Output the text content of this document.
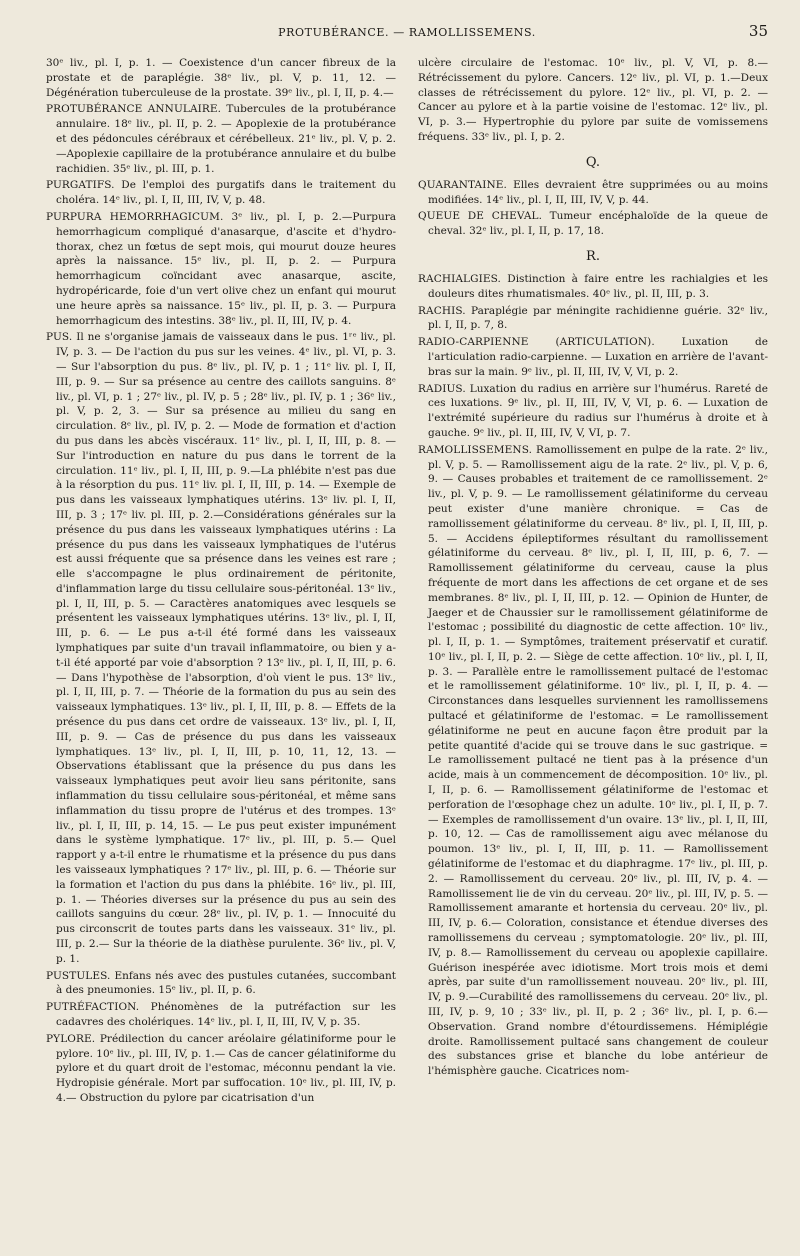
PROTUBÉRANCE. — RAMOLLISSEMENS.	35

30ᵉ liv., pl. I, p. 1. — Coexistence d'un cancer fibreux de la prostate et de paraplégie. 38ᵉ liv., pl. V, p. 11, 12. — Dégénération tuberculeuse de la prostate. 39ᵉ liv., pl. I, II, p. 4.—

PROTUBÉRANCE ANNULAIRE. Tubercules de la protubérance annulaire. 18ᵉ liv., pl. II, p. 2. — Apoplexie de la protubérance et des pédoncules cérébraux et cérébelleux. 21ᵉ liv., pl. V, p. 2.—Apoplexie capillaire de la protubérance annulaire et du bulbe rachidien. 35ᵉ liv., pl. III, p. 1.

PURGATIFS. De l'emploi des purgatifs dans le traitement du choléra. 14ᵉ liv., pl. I, II, III, IV, V, p. 48.

PURPURA HEMORRHAGICUM. 3ᵉ liv., pl. I, p. 2.—Purpura hemorrhagicum compliqué d'anasarque, d'ascite et d'hydro-thorax, chez un fœtus de sept mois, qui mourut douze heures après la naissance. 15ᵉ liv., pl. II, p. 2. — Purpura hemorrhagicum coïncidant avec anasarque, ascite, hydropéricarde, foie d'un vert olive chez un enfant qui mourut une heure après sa naissance. 15ᵉ liv., pl. II, p. 3. — Purpura hemorrhagicum des intestins. 38ᵉ liv., pl. II, III, IV, p. 4.

PUS. Il ne s'organise jamais de vaisseaux dans le pus. 1ʳᵉ liv., pl. IV, p. 3. — De l'action du pus sur les veines. 4ᵉ liv., pl. VI, p. 3. — Sur l'absorption du pus. 8ᵉ liv., pl. IV, p. 1 ; 11ᵉ liv. pl. I, II, III, p. 9. — Sur sa présence au centre des caillots sanguins. 8ᵉ liv., pl. VI, p. 1 ; 27ᵉ liv., pl. IV, p. 5 ; 28ᵉ liv., pl. IV, p. 1 ; 36ᵉ liv., pl. V, p. 2, 3. — Sur sa présence au milieu du sang en circulation. 8ᵉ liv., pl. IV, p. 2. — Mode de formation et d'action du pus dans les abcès viscéraux. 11ᵉ liv., pl. I, II, III, p. 8. — Sur l'introduction en nature du pus dans le torrent de la circulation. 11ᵉ liv., pl. I, II, III, p. 9.—La phlébite n'est pas due à la résorption du pus. 11ᵉ liv. pl. I, II, III, p. 14. — Exemple de pus dans les vaisseaux lymphatiques utérins. 13ᵉ liv. pl. I, II, III, p. 3 ; 17ᵉ liv. pl. III, p. 2.—Considérations générales sur la présence du pus dans les vaisseaux lymphatiques utérins : La présence du pus dans les vaisseaux lymphatiques de l'utérus est aussi fréquente que sa présence dans les veines est rare ; elle s'accompagne le plus ordinairement de péritonite, d'inflammation large du tissu cellulaire sous-péritonéal. 13ᵉ liv., pl. I, II, III, p. 5. — Caractères anatomiques avec lesquels se présentent les vaisseaux lymphatiques utérins. 13ᵉ liv., pl. I, II, III, p. 6. — Le pus a-t-il été formé dans les vaisseaux lymphatiques par suite d'un travail inflammatoire, ou bien y a-t-il été apporté par voie d'absorption ? 13ᵉ liv., pl. I, II, III, p. 6.— Dans l'hypothèse de l'absorption, d'où vient le pus. 13ᵉ liv., pl. I, II, III, p. 7. — Théorie de la formation du pus au sein des vaisseaux lymphatiques. 13ᵉ liv., pl. I, II, III, p. 8. — Effets de la présence du pus dans cet ordre de vaisseaux. 13ᵉ liv., pl. I, II, III, p. 9. — Cas de présence du pus dans les vaisseaux lymphatiques. 13ᵉ liv., pl. I, II, III, p. 10, 11, 12, 13. — Observations établissant que la présence du pus dans les vaisseaux lymphatiques peut avoir lieu sans péritonite, sans inflammation du tissu cellulaire sous-péritonéal, et même sans inflammation du tissu propre de l'utérus et des trompes. 13ᵉ liv., pl. I, II, III, p. 14, 15. — Le pus peut exister impunément dans le système lymphatique. 17ᵉ liv., pl. III, p. 5.— Quel rapport y a-t-il entre le rhumatisme et la présence du pus dans les vaisseaux lymphatiques ? 17ᵉ liv., pl. III, p. 6. — Théorie sur la formation et l'action du pus dans la phlébite. 16ᵉ liv., pl. III, p. 1. — Théories diverses sur la présence du pus au sein des caillots sanguins du cœur. 28ᵉ liv., pl. IV, p. 1. — Innocuité du pus circonscrit de toutes parts dans les vaisseaux. 31ᵉ liv., pl. III, p. 2.— Sur la théorie de la diathèse purulente. 36ᵉ liv., pl. V, p. 1.

PUSTULES. Enfans nés avec des pustules cutanées, succombant à des pneumonies. 15ᵉ liv., pl. II, p. 6.

PUTRÉFACTION. Phénomènes de la putréfaction sur les cadavres des cholériques. 14ᵉ liv., pl. I, II, III, IV, V, p. 35.

PYLORE. Prédilection du cancer aréolaire gélatiniforme pour le pylore. 10ᵉ liv., pl. III, IV, p. 1.— Cas de cancer gélatiniforme du pylore et du quart droit de l'estomac, méconnu pendant la vie. Hydropisie générale. Mort par suffocation. 10ᵉ liv., pl. III, IV, p. 4.— Obstruction du pylore par cicatrisation d'un

ulcère circulaire de l'estomac. 10ᵉ liv., pl. V, VI, p. 8.— Rétrécissement du pylore. Cancers. 12ᵉ liv., pl. VI, p. 1.—Deux classes de rétrécissement du pylore. 12ᵉ liv., pl. VI, p. 2. — Cancer au pylore et à la partie voisine de l'estomac. 12ᵉ liv., pl. VI, p. 3.— Hypertrophie du pylore par suite de vomissemens fréquens. 33ᵉ liv., pl. I, p. 2.

Q.

QUARANTAINE. Elles devraient être supprimées ou au moins modifiées. 14ᵉ liv., pl. I, II, III, IV, V, p. 44.

QUEUE DE CHEVAL. Tumeur encéphaloïde de la queue de cheval. 32ᵉ liv., pl. I, II, p. 17, 18.

R.

RACHIALGIES. Distinction à faire entre les rachialgies et les douleurs dites rhumatismales. 40ᵉ liv., pl. II, III, p. 3.

RACHIS. Paraplégie par méningite rachidienne guérie. 32ᵉ liv., pl. I, II, p. 7, 8.

RADIO-CARPIENNE (ARTICULATION). Luxation de l'articulation radio-carpienne. — Luxation en arrière de l'avant-bras sur la main. 9ᵉ liv., pl. II, III, IV, V, VI, p. 2.

RADIUS. Luxation du radius en arrière sur l'humérus. Rareté de ces luxations. 9ᵉ liv., pl. II, III, IV, V, VI, p. 6. — Luxation de l'extrémité supérieure du radius sur l'humérus à droite et à gauche. 9ᵉ liv., pl. II, III, IV, V, VI, p. 7.

RAMOLLISSEMENS. Ramollissement en pulpe de la rate. 2ᵉ liv., pl. V, p. 5. — Ramollissement aigu de la rate. 2ᵉ liv., pl. V, p. 6, 9. — Causes probables et traitement de ce ramollissement. 2ᵉ liv., pl. V, p. 9. — Le ramollissement gélatiniforme du cerveau peut exister d'une manière chronique. = Cas de ramollissement gélatiniforme du cerveau. 8ᵉ liv., pl. I, II, III, p. 5. — Accidens épileptiformes résultant du ramollissement gélatiniforme du cerveau. 8ᵉ liv., pl. I, II, III, p. 6, 7. — Ramollissement gélatiniforme du cerveau, cause la plus fréquente de mort dans les affections de cet organe et de ses membranes. 8ᵉ liv., pl. I, II, III, p. 12. — Opinion de Hunter, de Jaeger et de Chaussier sur le ramollissement gélatiniforme de l'estomac ; possibilité du diagnostic de cette affection. 10ᵉ liv., pl. I, II, p. 1. — Symptômes, traitement préservatif et curatif. 10ᵉ liv., pl. I, II, p. 2. — Siège de cette affection. 10ᵉ liv., pl. I, II, p. 3. — Parallèle entre le ramollissement pultacé de l'estomac et le ramollissement gélatiniforme. 10ᵉ liv., pl. I, II, p. 4. — Circonstances dans lesquelles surviennent les ramollissemens pultacé et gélatiniforme de l'estomac. = Le ramollissement gélatiniforme ne peut en aucune façon être produit par la petite quantité d'acide qui se trouve dans le suc gastrique. = Le ramollissement pultacé ne tient pas à la présence d'un acide, mais à un commencement de décomposition. 10ᵉ liv., pl. I, II, p. 6. — Ramollissement gélatiniforme de l'estomac et perforation de l'œsophage chez un adulte. 10ᵉ liv., pl. I, II, p. 7. — Exemples de ramollissement d'un ovaire. 13ᵉ liv., pl. I, II, III, p. 10, 12. — Cas de ramollissement aigu avec mélanose du poumon. 13ᵉ liv., pl. I, II, III, p. 11. — Ramollissement gélatiniforme de l'estomac et du diaphragme. 17ᵉ liv., pl. III, p. 2. — Ramollissement du cerveau. 20ᵉ liv., pl. III, IV, p. 4. — Ramollissement lie de vin du cerveau. 20ᵉ liv., pl. III, IV, p. 5. — Ramollissement amarante et hortensia du cerveau. 20ᵉ liv., pl. III, IV, p. 6.— Coloration, consistance et étendue diverses des ramollissemens du cerveau ; symptomatologie. 20ᵉ liv., pl. III, IV, p. 8.— Ramollissement du cerveau ou apoplexie capillaire. Guérison inespérée avec idiotisme. Mort trois mois et demi après, par suite d'un ramollissement nouveau. 20ᵉ liv., pl. III, IV, p. 9.—Curabilité des ramollissemens du cerveau. 20ᵉ liv., pl. III, IV, p. 9, 10 ; 33ᵉ liv., pl. II, p. 2 ; 36ᵉ liv., pl. I, p. 6.—Observation. Grand nombre d'étourdissemens. Hémiplégie droite. Ramollissement pultacé sans changement de couleur des substances grise et blanche du lobe antérieur de l'hémisphère gauche. Cicatrices nom-
